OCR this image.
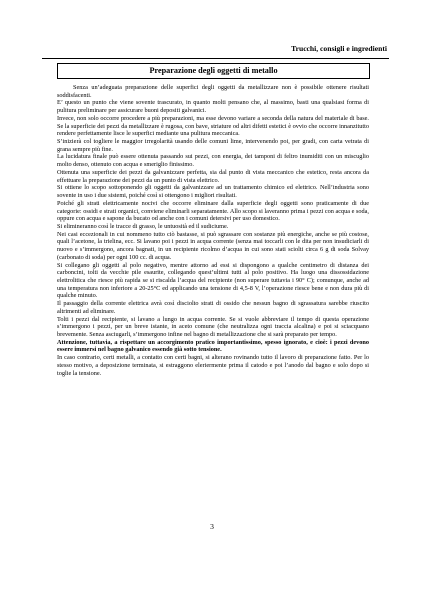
Trucchi, consigli e ingredienti
Preparazione degli oggetti di metallo

Senza un’adeguata preparazione delle superfici degli oggetti da metallizzare non è possibile ottenere risultati soddisfacenti.

E’ questo un punto che viene sovente trascurato, in quanto molti pensano che, al massimo, basti una qualsiasi forma di pulitura preliminare per assicurare buoni depositi galvanici.

Invece, non solo occorre procedere a più preparazioni, ma esse devono variare a seconda della natura del materiale di base. Se la superficie dei pezzi da metallizzare è rugosa, con bave, striature od altri difetti estetici è ovvio che occorre innanzitutto rendere perfettamente lisce le superfici mediante una pulitura meccanica.

S’inizierà col togliere le maggior irregolarità usando delle comuni lime, intervenendo poi, per gradi, con carta vetrata di grana sempre più fine.

La lucidatura finale può essere ottenuta passando sui pezzi, con energia, dei tamponi di feltro inumiditi con un miscuglio molto denso, ottenuto con acqua e smeriglio finissimo.

Ottenuta una superficie dei pezzi da galvanizzare perfetta, sia dal punto di vista meccanico che estetico, resta ancora da effettuare la preparazione dei pezzi da un punto di vista elettrico.

Si ottiene lo scopo sottoponendo gli oggetti da galvanizzare ad un trattamento chimico ed elettrico. Nell’industria sono sovente in uso i due sistemi, poiché così si ottengono i migliori risultati.

Poiché gli strati elettricamente nocivi che occorre eliminare dalla superficie degli oggetti sono praticamente di due categorie: ossidi e strati organici, conviene eliminarli separatamente. Allo scopo si laveranno prima i pezzi con acqua e soda, oppure con acqua e sapone da bucato od anche con i comuni detersivi per uso domestico.

Si elimineranno così le tracce di grasso, le untuosità ed il sudiciume.

Nei casi eccezionali in cui nommeno tutto ciò bastasse, si può sgrassare con sostanze più energiche, anche se più costose, quali l’acetone, la trielina, ecc. Si lavano poi i pezzi in acqua corrente (senza mai toccarli con le dita per non insudiciarli di nuovo e s’immergono, ancora bagnati, in un recipiente ricolmo d’acqua in cui sono stati sciolti circa 6 g di soda Solvay (carbonato di soda) per ogni 100 cc. di acqua.

Si collegano gli oggetti al polo negativo, mentre attorno ad essi si dispongono a qualche centimetro di distanza dei carboncini, tolti da vecchie pile esaurite, collegando quest’ultimi tutti al polo positivo. Ha luogo una dissossidazione elettrolitica che riesce più rapida se si riscalda l’acqua del recipiente (non superare tuttavia i 90° C); comunque, anche ad una temperatura non inferiore a 20-25°C ed applicando una tensione di 4,5-8 V, l’operazione riesce bene e non dura più di qualche minuto.

Il passaggio della corrente elettrica avrà così disciolto strati di ossido che nessun bagno di sgrassatura sarebbe riuscito altrimenti ad eliminare.

Tolti i pezzi dal recipiente, si lavano a lungo in acqua corrente. Se si vuole abbreviare il tempo di questa operazione s’immergono i pezzi, per un breve istante, in aceto comune (che neutralizza ogni traccia alcalina) e poi si sciacquano brevemente. Senza asciugarli, s’immergono infine nel bagno di metallizzazione che si sarà preparato per tempo.

Attenzione, tuttavia, a rispettare un accorgimento pratico importantissimo, spesso ignorato, e cioè: i pezzi devono essere immersi nel bagno galvanico essendo già sotto tensione.

In caso contrario, certi metalli, a contatto con certi bagni, si alterano rovinando tutto il lavoro di preparazione fatto. Per lo stesso motivo, a deposizione terminata, si estraggono eleriermente prima il catodo e poi l’anodo dal bagno e solo dopo si toglie la tensione.

3
